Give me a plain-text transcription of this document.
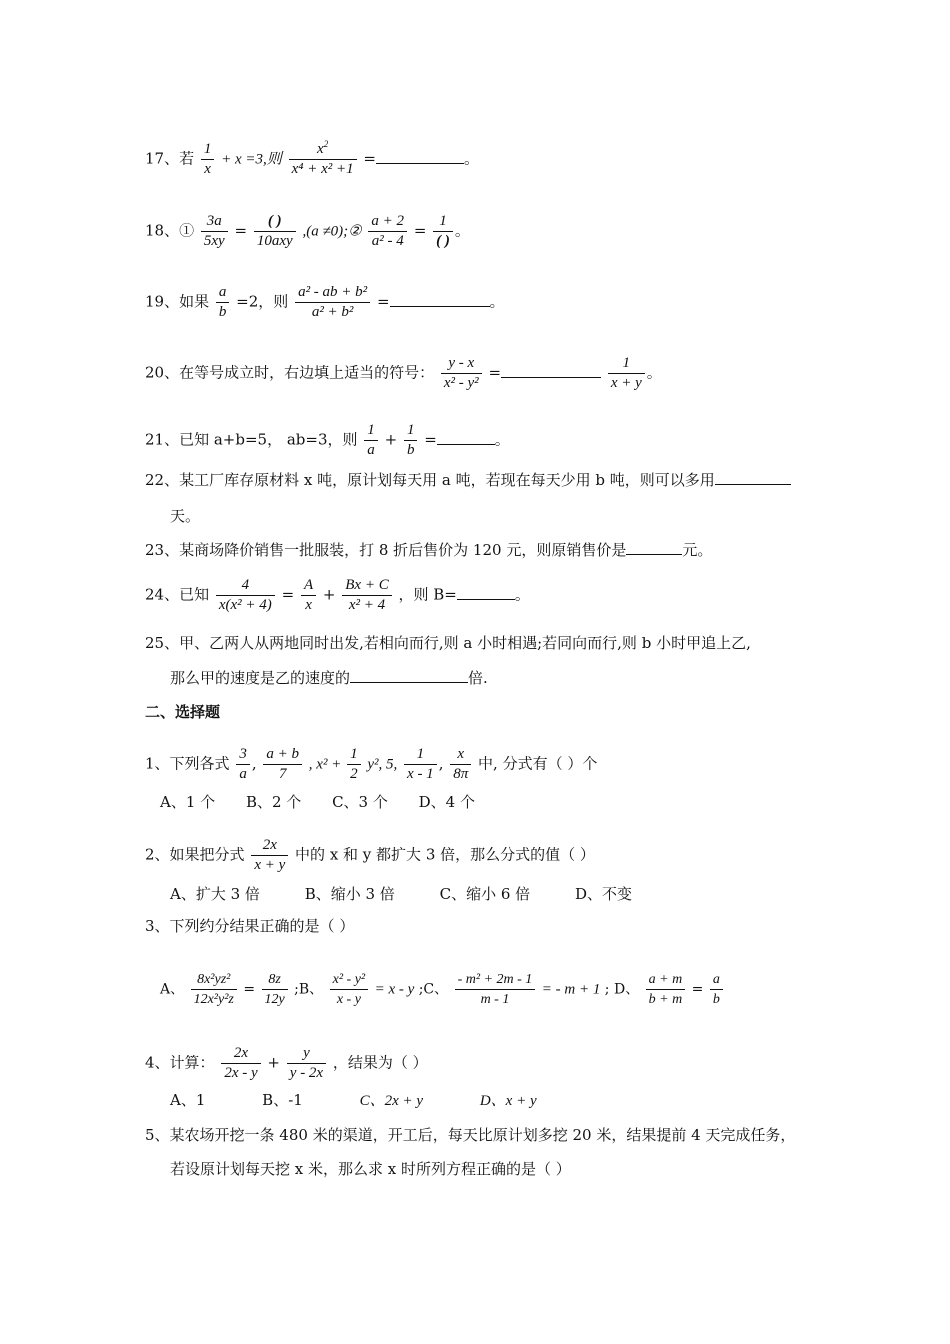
17、若 $\frac{1}{x} + x =3$,则 $\frac{x^2}{\text{x⁴ + x² +1}}$ =	。
18、① $\frac{3a}{5xy} = \frac{( )}{\text{10axy}} ,(a$ ≠0);② $\frac{a + 2}{\text{a² - 4}} = \frac{1}{( )}$ 。
19、如果 $\frac{a}{b} =2$，则 $\frac{\text{a² - ab + b²}}{\text{a² + b²}}$ =	。
20、在等号成立时，右边填上适当的符号： $\frac{y - x}{\text{x² - y²}}$ =	$\frac{1}{x + y}$ 。
21、已知 a+b=5， ab=3，则 $\frac{1}{a} + \frac{1}{b}$ =	。
22、某工厂库存原材料 x 吨，原计划每天用 a 吨，若现在每天少用 b 吨，则可以多用
天。
23、某商场降价销售一批服装，打 8 折后售价为 120 元，则原销售价是	元。
24、已知 $\frac{4}{\text{x(x² + 4)}} = \frac{A}{x} + \frac{Bx + C}{\text{x² + 4}}$ ，则 B=	。
25、甲、乙两人从两地同时出发,若相向而行,则 a 小时相遇;若同向而行,则 b 小时甲追上乙,
那么甲的速度是乙的速度的	倍.
二、选择题
1、下列各式 $\frac{3}{a}$ , $\frac{a + b}{7}$ , $x^2 + \frac{1}{2} y^2$, 5, $\frac{1}{x - 1}$ , $\frac{x}{8\pi}$ 中, 分式有（ ）个
A、1 个 B、2 个 C、3 个 D、4 个
2、如果把分式 $\frac{2x}{x + y}$ 中的 x 和 y 都扩大 3 倍，那么分式的值（ ）
A、扩大 3 倍	B、缩小 3 倍	C、缩小 6 倍	D、不变
3、下列约分结果正确的是（ ）
A、 $\frac{\text{8x²yz²}}{\text{12x²y²z}} = \frac{8z}{12y}$ ;B、 $\frac{\text{x² - y²}}{x - y} = x - y$ ;C、 $\frac{\text{- m² + 2m - 1}}{m - 1}$ = - m + 1 ; D、 $\frac{a + m}{b + m} = \frac{a}{b}$
4、计算： $\frac{2x}{2x - y} + \frac{y}{y - 2x}$ ，结果为（ ）
A、1	B、-1	C、2x + y	D、x + y
5、某农场开挖一条 480 米的渠道，开工后，每天比原计划多挖 20 米，结果提前 4 天完成任务，
若设原计划每天挖 x 米，那么求 x 时所列方程正确的是（ ）
